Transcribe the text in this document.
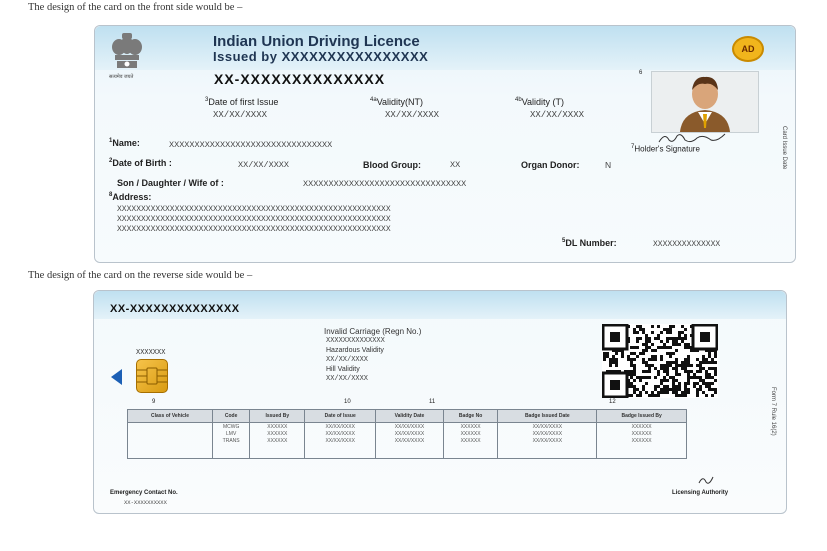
The design of the card on the front side would be –
The design of the card on the reverse side would be –
सत्यमेव जयते
Indian Union Driving Licence
Issued by XXXXXXXXXXXXXXXX	AD
XX-XXXXXXXXXXXXXX
$^3$Date of first Issue
XX/XX/XXXX
$^{4a}$Validity(NT)
XX/XX/XXXX
$^{4b}$Validity (T)
XX/XX/XXXX
6
$^7$Holder's Signature
$^1$Name:	XXXXXXXXXXXXXXXXXXXXXXXXXXXXXXXX
$^2$Date of Birth :	XX/XX/XXXX	Blood Group:	XX	Organ Donor:	N
Son / Daughter / Wife of :	XXXXXXXXXXXXXXXXXXXXXXXXXXXXXXXX
$^8$Address:
XXXXXXXXXXXXXXXXXXXXXXXXXXXXXXXXXXXXXXXXXXXXXXXXXXXXXXXXX
XXXXXXXXXXXXXXXXXXXXXXXXXXXXXXXXXXXXXXXXXXXXXXXXXXXXXXXXX
XXXXXXXXXXXXXXXXXXXXXXXXXXXXXXXXXXXXXXXXXXXXXXXXXXXXXXXXX
$^5$DL Number:	XXXXXXXXXXXXXX
Card Issue Date
XX-XXXXXXXXXXXXXX
XXXXXXX
Invalid Carriage (Regn No.)
XXXXXXXXXXXXXX
Hazardous Validity
XX/XX/XXXX
Hill Validity
XX/XX/XXXX
9	10	11	12
Class of Vehicle	Code	Issued By	Date of Issue	Validity Date	Badge No	Badge Issued Date	Badge Issued By
	MCWG	XXXXXX	XX/XX/XXXX	XX/XX/XXXX	XXXXXX	XX/XX/XXXX	XXXXXX
	LMV	XXXXXX	XX/XX/XXXX	XX/XX/XXXX	XXXXXX	XX/XX/XXXX	XXXXXX
	TRANS	XXXXXX	XX/XX/XXXX	XX/XX/XXXX	XXXXXX	XX/XX/XXXX	XXXXXX

Emergency Contact No.
XX-XXXXXXXXXX
Licensing Authority
Form 7 Rule 16(2)
